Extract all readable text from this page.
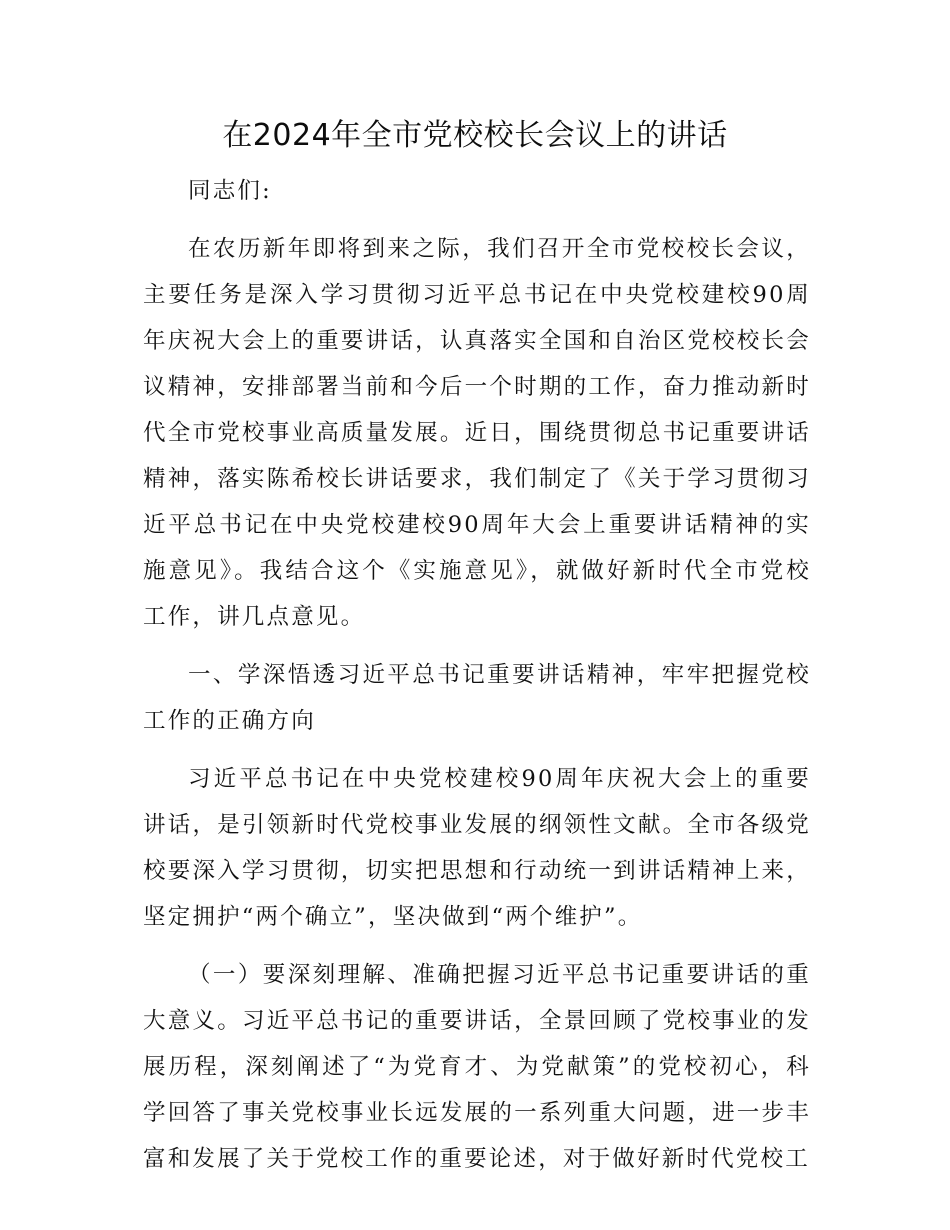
在2024年全市党校校长会议上的讲话

同志们:

在农历新年即将到来之际，我们召开全市党校校长会议，主要任务是深入学习贯彻习近平总书记在中央党校建校90周年庆祝大会上的重要讲话，认真落实全国和自治区党校校长会议精神，安排部署当前和今后一个时期的工作，奋力推动新时代全市党校事业高质量发展。近日，围绕贯彻总书记重要讲话精神，落实陈希校长讲话要求，我们制定了《关于学习贯彻习近平总书记在中央党校建校90周年大会上重要讲话精神的实施意见》。我结合这个《实施意见》，就做好新时代全市党校工作，讲几点意见。

一、学深悟透习近平总书记重要讲话精神，牢牢把握党校工作的正确方向

习近平总书记在中央党校建校90周年庆祝大会上的重要讲话，是引领新时代党校事业发展的纲领性文献。全市各级党校要深入学习贯彻，切实把思想和行动统一到讲话精神上来，坚定拥护“两个确立”，坚决做到“两个维护”。

（一）要深刻理解、准确把握习近平总书记重要讲话的重大意义。习近平总书记的重要讲话，全景回顾了党校事业的发展历程，深刻阐述了“为党育才、为党献策”的党校初心，科学回答了事关党校事业长远发展的一系列重大问题，进一步丰富和发展了关于党校工作的重要论述，对于做好新时代党校工
